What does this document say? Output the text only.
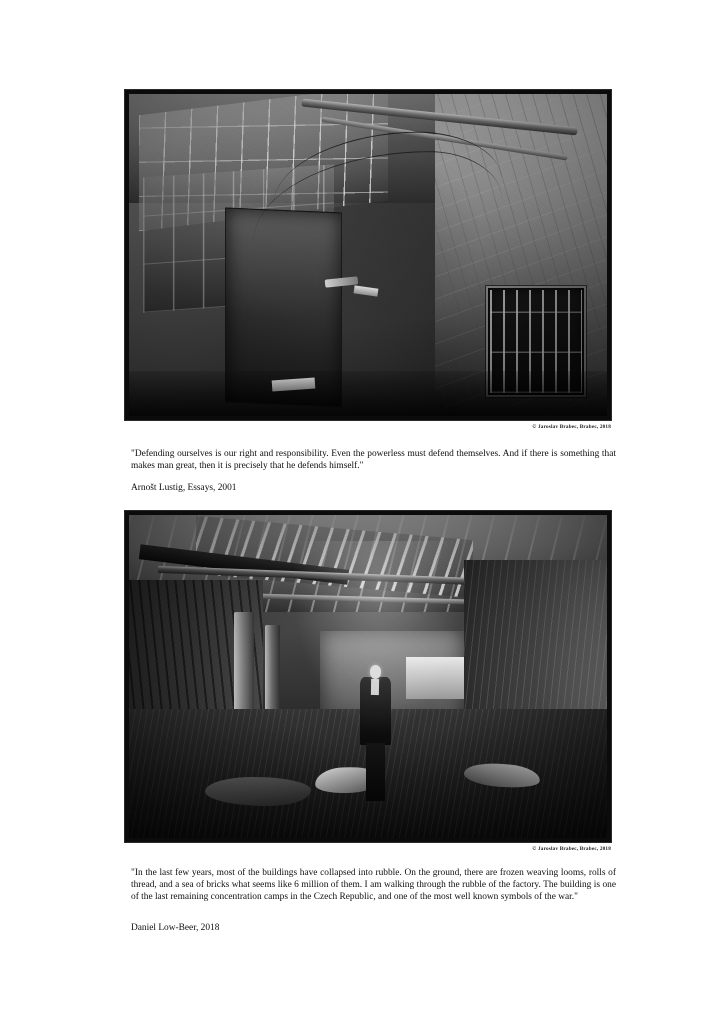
© Jaroslav Brabec, Brabec, 2018

"Defending ourselves is our right and responsibility. Even the powerless must defend themselves. And if there is something that makes man great, then it is precisely that he defends himself."

Arnošt Lustig, Essays, 2001

© Jaroslav Brabec, Brabec, 2018

"In the last few years, most of the buildings have collapsed into rubble. On the ground, there are frozen weaving looms, rolls of thread, and a sea of bricks what seems like 6 million of them. I am walking through the rubble of the factory. The building is one of the last remaining concentration camps in the Czech Republic, and one of the most well known symbols of the war."

Daniel Low-Beer, 2018
